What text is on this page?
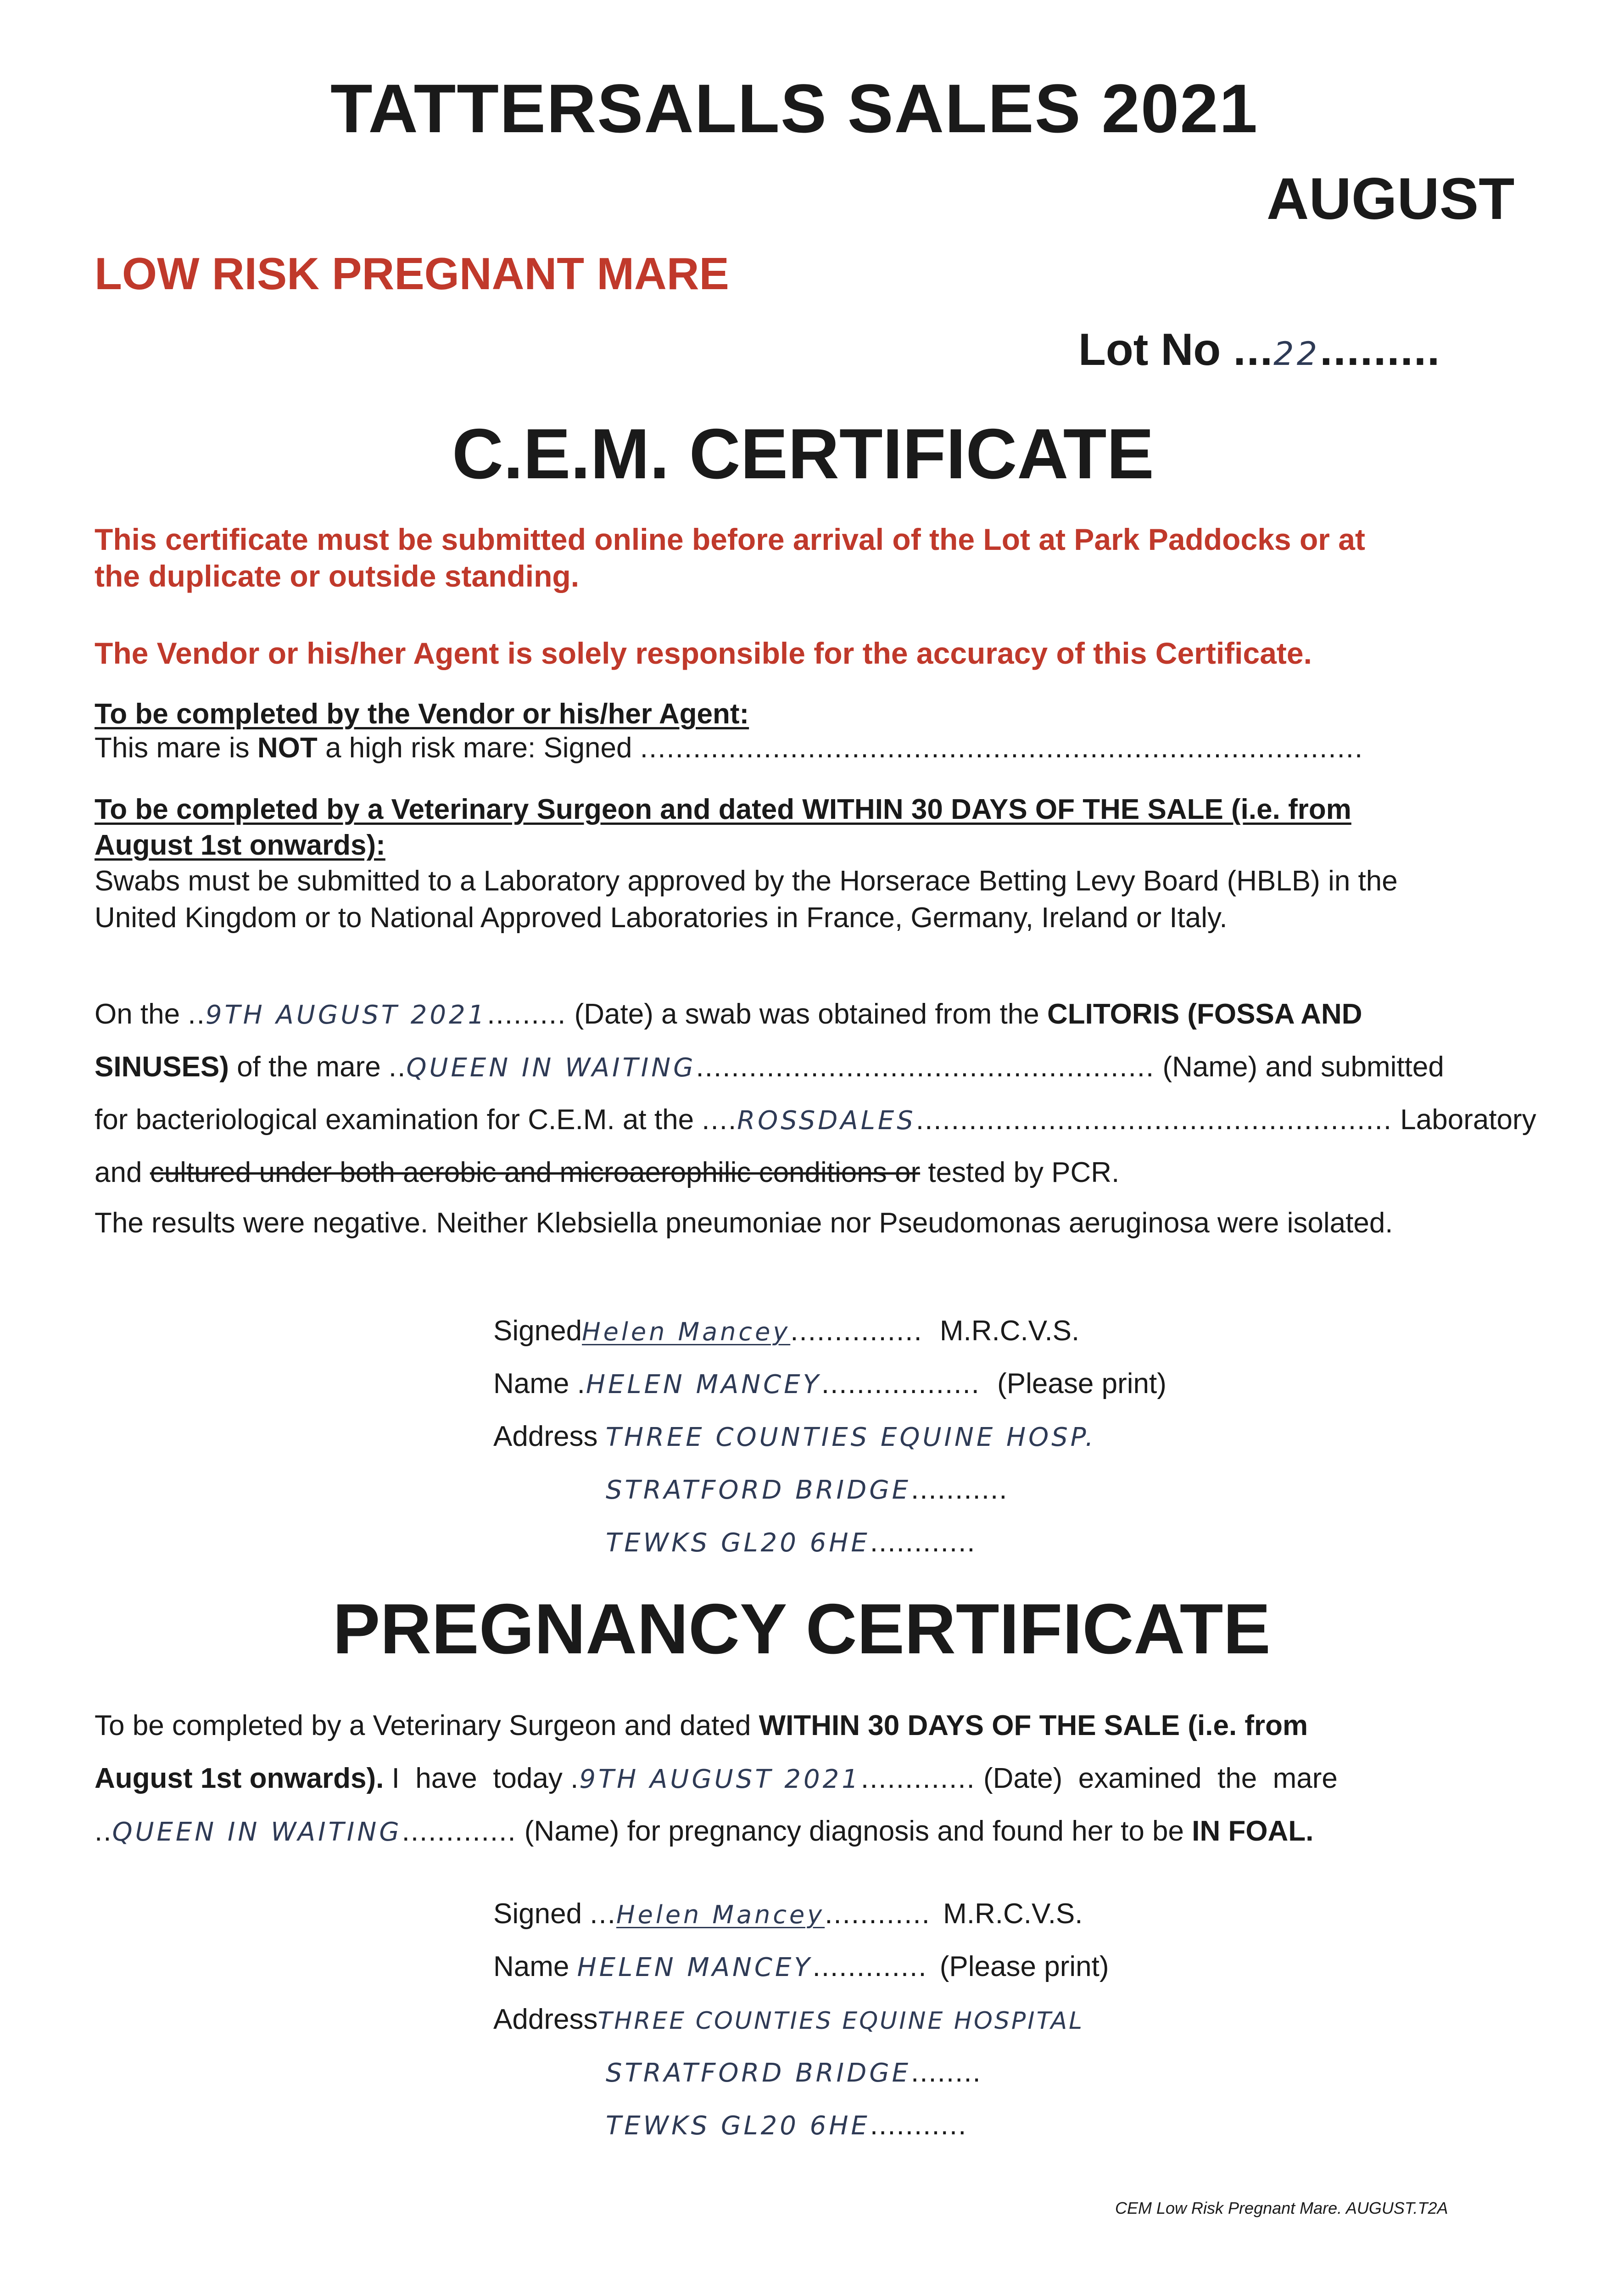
TATTERSALLS SALES 2021
AUGUST
LOW RISK PREGNANT MARE
Lot No ...22.........
C.E.M. CERTIFICATE
This certificate must be submitted online before arrival of the Lot at Park Paddocks or at
the duplicate or outside standing.
The Vendor or his/her Agent is solely responsible for the accuracy of this Certificate.
To be completed by the Vendor or his/her Agent:
This mare is NOT a high risk mare: Signed ..................................................................................
To be completed by a Veterinary Surgeon and dated WITHIN 30 DAYS OF THE SALE (i.e. from
August 1st onwards):
Swabs must be submitted to a Laboratory approved by the Horserace Betting Levy Board (HBLB) in the
United Kingdom or to National Approved Laboratories in France, Germany, Ireland or Italy.
On the ..9TH AUGUST 2021......... (Date) a swab was obtained from the CLITORIS (FOSSA AND
SINUSES) of the mare ..QUEEN IN WAITING.................................................... (Name) and submitted
for bacteriological examination for C.E.M. at the ....ROSSDALES...................................................... Laboratory
and cultured under both aerobic and microaerophilic conditions or tested by PCR.
The results were negative. Neither Klebsiella pneumoniae nor Pseudomonas aeruginosa were isolated.
SignedHelen Mancey............... M.R.C.V.S.
Name .HELEN MANCEY.................. (Please print)
Address THREE COUNTIES EQUINE HOSP.
STRATFORD BRIDGE...........
TEWKS GL20 6HE............
PREGNANCY CERTIFICATE
To be completed by a Veterinary Surgeon and dated WITHIN 30 DAYS OF THE SALE (i.e. from
August 1st onwards). I  have  today .9TH AUGUST 2021............. (Date)  examined  the  mare
..QUEEN IN WAITING............. (Name) for pregnancy diagnosis and found her to be IN FOAL.
Signed ...Helen Mancey............ M.R.C.V.S.
Name HELEN MANCEY............. (Please print)
AddressTHREE COUNTIES EQUINE HOSPITAL
STRATFORD BRIDGE........
TEWKS GL20 6HE...........
CEM Low Risk Pregnant Mare. AUGUST.T2A
